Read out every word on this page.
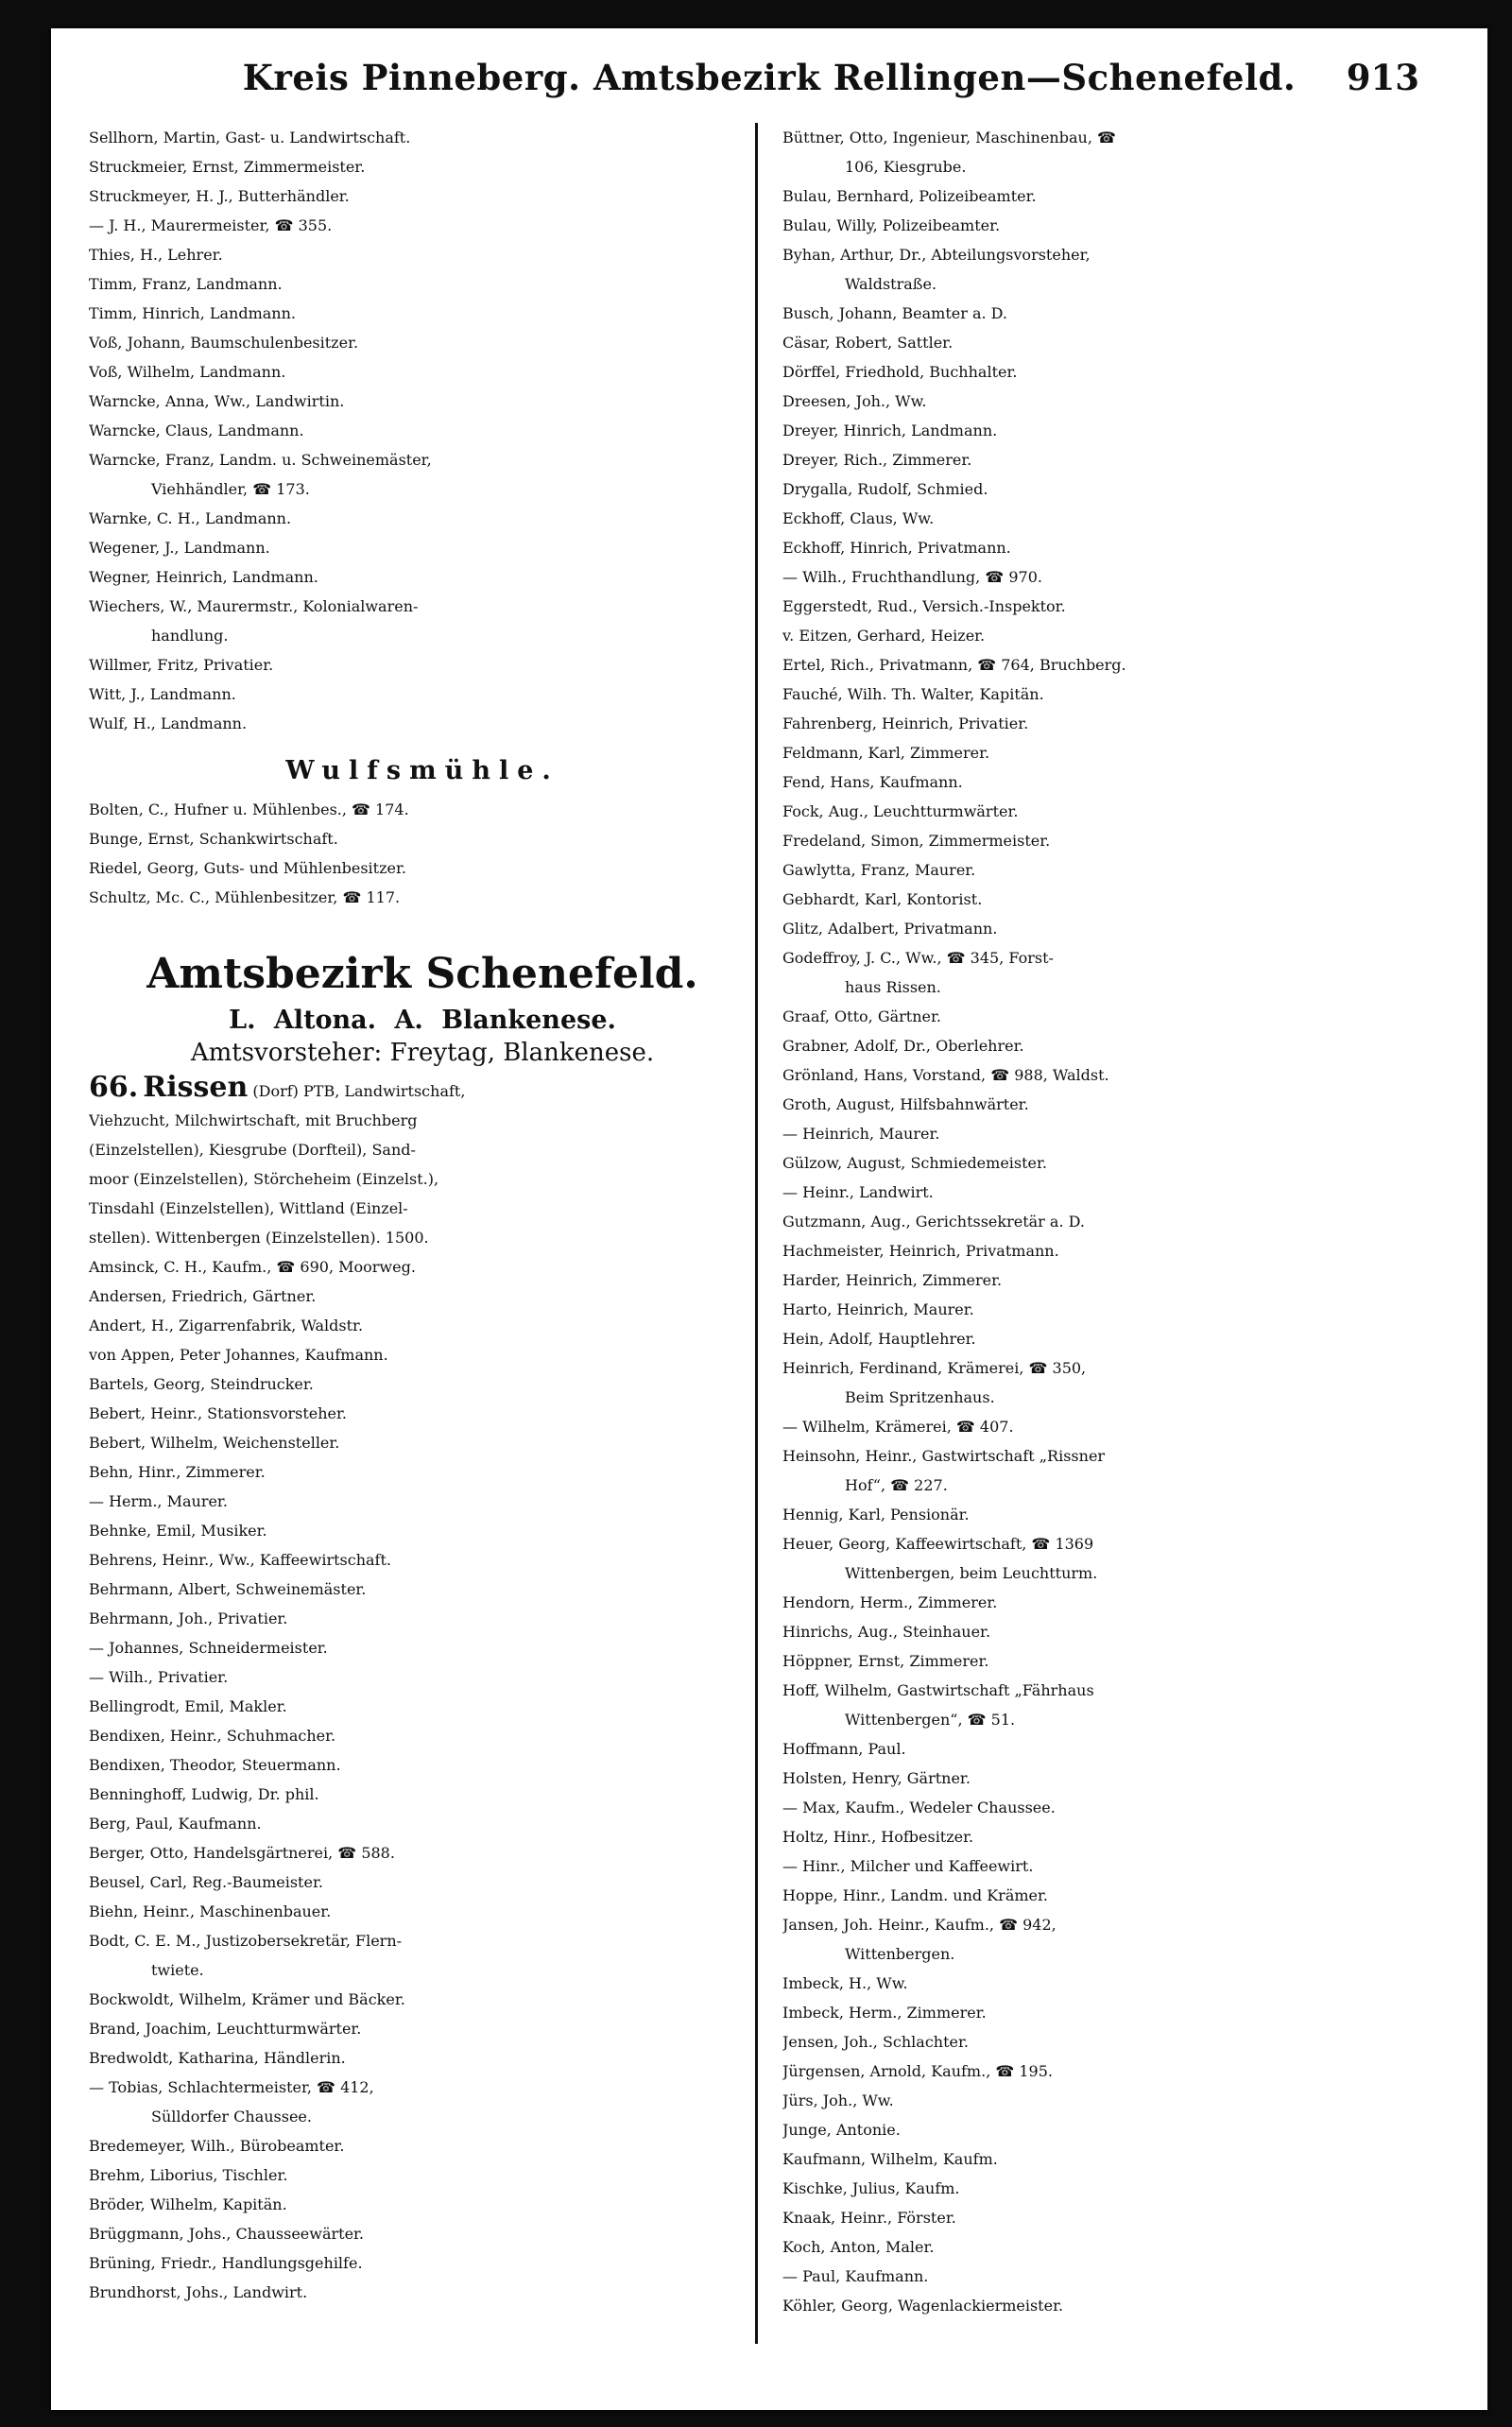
Kreis Pinneberg. Amtsbezirk Rellingen—Schenefeld.	913
Sellhorn, Martin, Gast- u. Landwirtschaft.
Struckmeier, Ernst, Zimmermeister.
Struckmeyer, H. J., Butterhändler.
— J. H., Maurermeister, ☎ 355.
Thies, H., Lehrer.
Timm, Franz, Landmann.
Timm, Hinrich, Landmann.
Voß, Johann, Baumschulenbesitzer.
Voß, Wilhelm, Landmann.
Warncke, Anna, Ww., Landwirtin.
Warncke, Claus, Landmann.
Warncke, Franz, Landm. u. Schweinemäster,
Viehhändler, ☎ 173.
Warnke, C. H., Landmann.
Wegener, J., Landmann.
Wegner, Heinrich, Landmann.
Wiechers, W., Maurermstr., Kolonialwaren-
handlung.
Willmer, Fritz, Privatier.
Witt, J., Landmann.
Wulf, H., Landmann.
Wulfsmühle.
Bolten, C., Hufner u. Mühlenbes., ☎ 174.
Bunge, Ernst, Schankwirtschaft.
Riedel, Georg, Guts- und Mühlenbesitzer.
Schultz, Mc. C., Mühlenbesitzer, ☎ 117.
Amtsbezirk Schenefeld.
L. Altona. A. Blankenese.
Amtsvorsteher: Freytag, Blankenese.
66. Rissen (Dorf) PTB, Landwirtschaft,
Viehzucht, Milchwirtschaft, mit Bruchberg
(Einzelstellen), Kiesgrube (Dorfteil), Sand-
moor (Einzelstellen), Störcheheim (Einzelst.),
Tinsdahl (Einzelstellen), Wittland (Einzel-
stellen). Wittenbergen (Einzelstellen). 1500.
Amsinck, C. H., Kaufm., ☎ 690, Moorweg.
Andersen, Friedrich, Gärtner.
Andert, H., Zigarrenfabrik, Waldstr.
von Appen, Peter Johannes, Kaufmann.
Bartels, Georg, Steindrucker.
Bebert, Heinr., Stationsvorsteher.
Bebert, Wilhelm, Weichensteller.
Behn, Hinr., Zimmerer.
— Herm., Maurer.
Behnke, Emil, Musiker.
Behrens, Heinr., Ww., Kaffeewirtschaft.
Behrmann, Albert, Schweinemäster.
Behrmann, Joh., Privatier.
— Johannes, Schneidermeister.
— Wilh., Privatier.
Bellingrodt, Emil, Makler.
Bendixen, Heinr., Schuhmacher.
Bendixen, Theodor, Steuermann.
Benninghoff, Ludwig, Dr. phil.
Berg, Paul, Kaufmann.
Berger, Otto, Handelsgärtnerei, ☎ 588.
Beusel, Carl, Reg.-Baumeister.
Biehn, Heinr., Maschinenbauer.
Bodt, C. E. M., Justizobersekretär, Flern-
twiete.
Bockwoldt, Wilhelm, Krämer und Bäcker.
Brand, Joachim, Leuchtturmwärter.
Bredwoldt, Katharina, Händlerin.
— Tobias, Schlachtermeister, ☎ 412,
Sülldorfer Chaussee.
Bredemeyer, Wilh., Bürobeamter.
Brehm, Liborius, Tischler.
Bröder, Wilhelm, Kapitän.
Brüggmann, Johs., Chausseewärter.
Brüning, Friedr., Handlungsgehilfe.
Brundhorst, Johs., Landwirt.
Büttner, Otto, Ingenieur, Maschinenbau, ☎
106, Kiesgrube.
Bulau, Bernhard, Polizeibeamter.
Bulau, Willy, Polizeibeamter.
Byhan, Arthur, Dr., Abteilungsvorsteher,
Waldstraße.
Busch, Johann, Beamter a. D.
Cäsar, Robert, Sattler.
Dörffel, Friedhold, Buchhalter.
Dreesen, Joh., Ww.
Dreyer, Hinrich, Landmann.
Dreyer, Rich., Zimmerer.
Drygalla, Rudolf, Schmied.
Eckhoff, Claus, Ww.
Eckhoff, Hinrich, Privatmann.
— Wilh., Fruchthandlung, ☎ 970.
Eggerstedt, Rud., Versich.-Inspektor.
v. Eitzen, Gerhard, Heizer.
Ertel, Rich., Privatmann, ☎ 764, Bruchberg.
Fauché, Wilh. Th. Walter, Kapitän.
Fahrenberg, Heinrich, Privatier.
Feldmann, Karl, Zimmerer.
Fend, Hans, Kaufmann.
Fock, Aug., Leuchtturmwärter.
Fredeland, Simon, Zimmermeister.
Gawlytta, Franz, Maurer.
Gebhardt, Karl, Kontorist.
Glitz, Adalbert, Privatmann.
Godeffroy, J. C., Ww., ☎ 345, Forst-
haus Rissen.
Graaf, Otto, Gärtner.
Grabner, Adolf, Dr., Oberlehrer.
Grönland, Hans, Vorstand, ☎ 988, Waldst.
Groth, August, Hilfsbahnwärter.
— Heinrich, Maurer.
Gülzow, August, Schmiedemeister.
— Heinr., Landwirt.
Gutzmann, Aug., Gerichtssekretär a. D.
Hachmeister, Heinrich, Privatmann.
Harder, Heinrich, Zimmerer.
Harto, Heinrich, Maurer.
Hein, Adolf, Hauptlehrer.
Heinrich, Ferdinand, Krämerei, ☎ 350,
Beim Spritzenhaus.
— Wilhelm, Krämerei, ☎ 407.
Heinsohn, Heinr., Gastwirtschaft „Rissner
Hof“, ☎ 227.
Hennig, Karl, Pensionär.
Heuer, Georg, Kaffeewirtschaft, ☎ 1369
Wittenbergen, beim Leuchtturm.
Hendorn, Herm., Zimmerer.
Hinrichs, Aug., Steinhauer.
Höppner, Ernst, Zimmerer.
Hoff, Wilhelm, Gastwirtschaft „Fährhaus
Wittenbergen“, ☎ 51.
Hoffmann, Paul.
Holsten, Henry, Gärtner.
— Max, Kaufm., Wedeler Chaussee.
Holtz, Hinr., Hofbesitzer.
— Hinr., Milcher und Kaffeewirt.
Hoppe, Hinr., Landm. und Krämer.
Jansen, Joh. Heinr., Kaufm., ☎ 942,
Wittenbergen.
Imbeck, H., Ww.
Imbeck, Herm., Zimmerer.
Jensen, Joh., Schlachter.
Jürgensen, Arnold, Kaufm., ☎ 195.
Jürs, Joh., Ww.
Junge, Antonie.
Kaufmann, Wilhelm, Kaufm.
Kischke, Julius, Kaufm.
Knaak, Heinr., Förster.
Koch, Anton, Maler.
— Paul, Kaufmann.
Köhler, Georg, Wagenlackiermeister.
